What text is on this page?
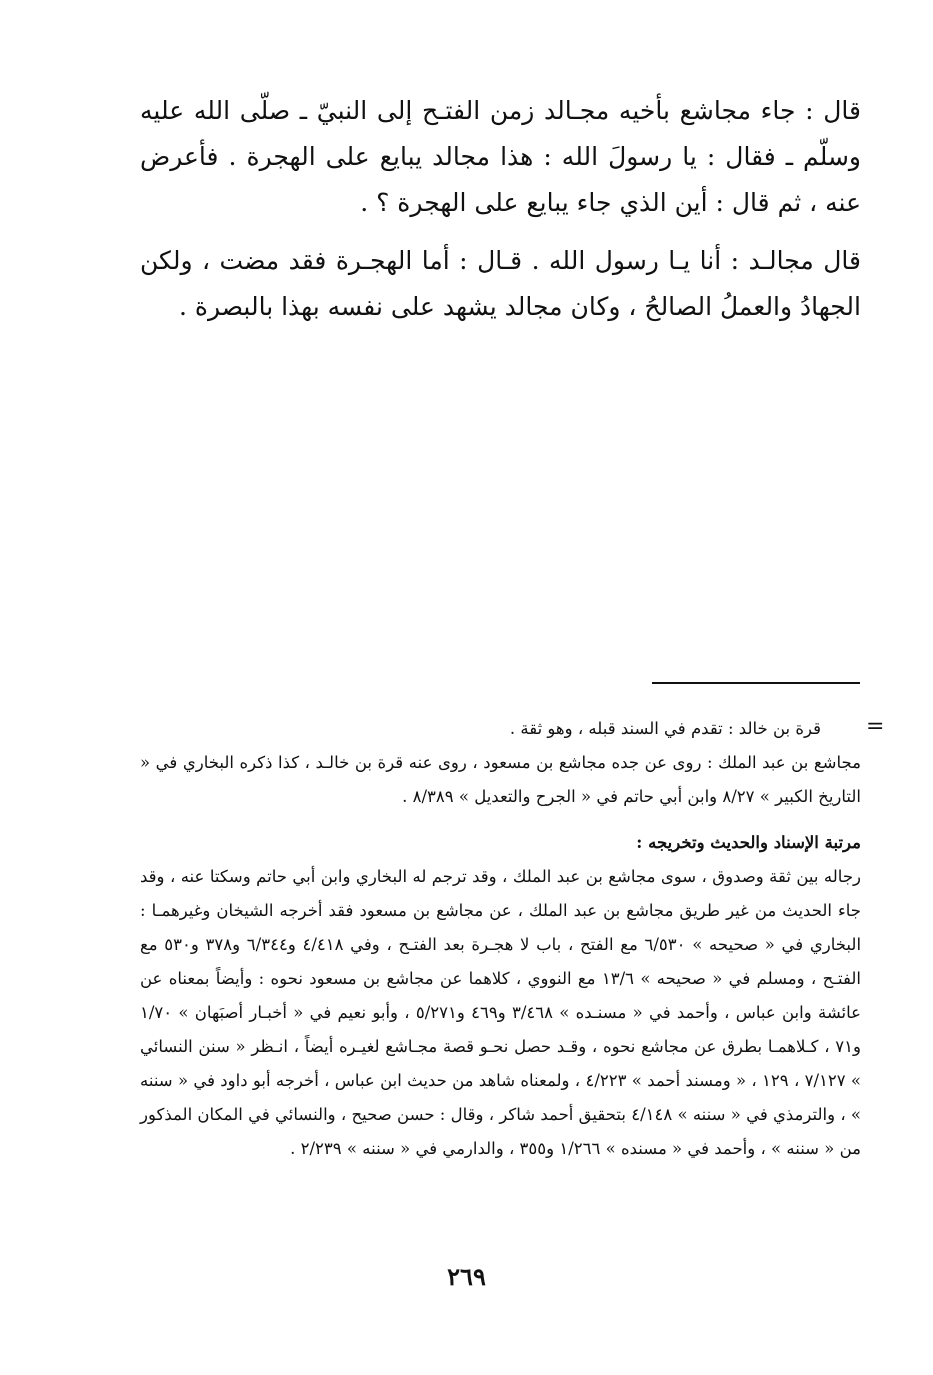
قال : جاء مجاشع بأخيه مجـالد زمن الفتـح إلى النبيّ ـ صلّى الله عليه وسلّم ـ فقال : يا رسولَ الله : هذا مجالد يبايع على الهجرة . فأعرض عنه ، ثم قال : أين الذي جاء يبايع على الهجرة ؟ .

قال مجالـد : أنا يـا رسول الله . قـال : أما الهجـرة فقد مضت ، ولكن الجهادُ والعملُ الصالحُ ، وكان مجالد يشهد على نفسه بهذا بالبصرة .

=

قرة بن خالد : تقدم في السند قبله ، وهو ثقة .

مجاشع بن عبد الملك : روى عن جده مجاشع بن مسعود ، روى عنه قرة بن خالـد ، كذا ذكره البخاري في « التاريخ الكبير » ٨/٢٧ وابن أبي حاتم في « الجرح والتعديل » ٨/٣٨٩ .

مرتبة الإسناد والحديث وتخريجه :

رجاله بين ثقة وصدوق ، سوى مجاشع بن عبد الملك ، وقد ترجم له البخاري وابن أبي حاتم وسكتا عنه ، وقد جاء الحديث من غير طريق مجاشع بن عبد الملك ، عن مجاشع بن مسعود فقد أخرجه الشيخان وغيرهمـا : البخاري في « صحيحه » ٦/٥٣٠ مع الفتح ، باب لا هجـرة بعد الفتـح ، وفي ٤/٤١٨ و٦/٣٤٤ و٣٧٨ و٥٣٠ مع الفتـح ، ومسلم في « صحيحه » ١٣/٦ مع النووي ، كلاهما عن مجاشع بن مسعود نحوه : وأيضاً بمعناه عن عائشة وابن عباس ، وأحمد في « مسنـده » ٣/٤٦٨ و٤٦٩ و٥/٢٧١ ، وأبو نعيم في « أخبـار أصبَهان » ١/٧٠ و٧١ ، كـلاهمـا بطرق عن مجاشع نحوه ، وقـد حصل نحـو قصة مجـاشع لغيـره أيضاً ، انـظر « سنن النسائي » ٧/١٢٧ ، ١٢٩ ، « ومسند أحمد » ٤/٢٢٣ ، ولمعناه شاهد من حديث ابن عباس ، أخرجه أبو داود في « سننه » ، والترمذي في « سننه » ٤/١٤٨ بتحقيق أحمد شاكر ، وقال : حسن صحيح ، والنسائي في المكان المذكور من « سننه » ، وأحمد في « مسنده » ١/٢٦٦ و٣٥٥ ، والدارمي في « سننه » ٢/٢٣٩ .

٢٦٩
